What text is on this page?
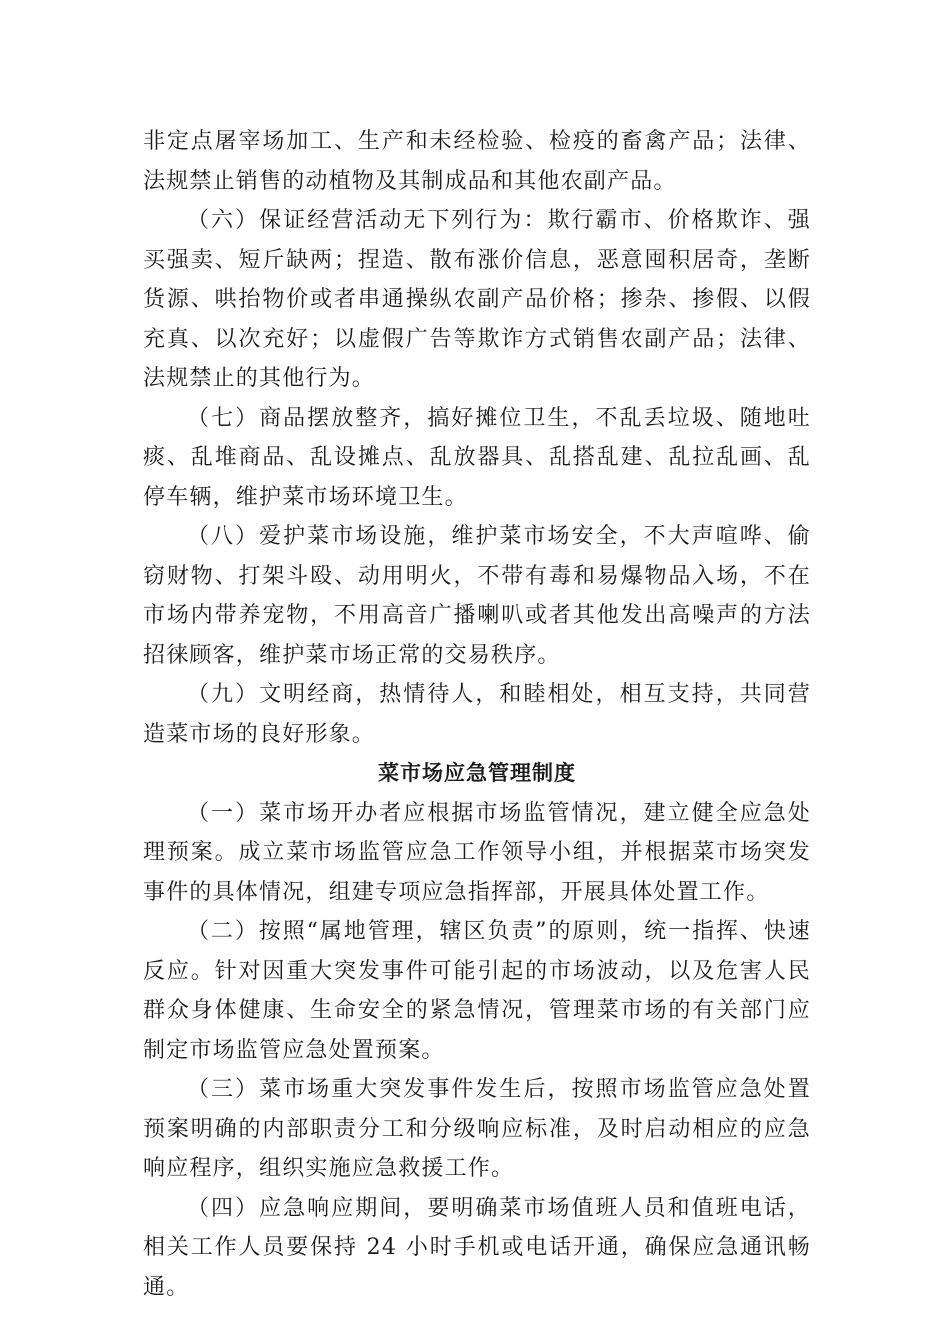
非定点屠宰场加工、生产和未经检验、检疫的畜禽产品；法律、法规禁止销售的动植物及其制成品和其他农副产品。

（六）保证经营活动无下列行为：欺行霸市、价格欺诈、强买强卖、短斤缺两；捏造、散布涨价信息，恶意囤积居奇，垄断货源、哄抬物价或者串通操纵农副产品价格；掺杂、掺假、以假充真、以次充好；以虚假广告等欺诈方式销售农副产品；法律、法规禁止的其他行为。

（七）商品摆放整齐，搞好摊位卫生，不乱丢垃圾、随地吐痰、乱堆商品、乱设摊点、乱放器具、乱搭乱建、乱拉乱画、乱停车辆，维护菜市场环境卫生。

（八）爱护菜市场设施，维护菜市场安全，不大声喧哗、偷窃财物、打架斗殴、动用明火，不带有毒和易爆物品入场，不在市场内带养宠物，不用高音广播喇叭或者其他发出高噪声的方法招徕顾客，维护菜市场正常的交易秩序。

（九）文明经商，热情待人，和睦相处，相互支持，共同营造菜市场的良好形象。

菜市场应急管理制度

（一）菜市场开办者应根据市场监管情况，建立健全应急处理预案。成立菜市场监管应急工作领导小组，并根据菜市场突发事件的具体情况，组建专项应急指挥部，开展具体处置工作。

（二）按照“属地管理，辖区负责”的原则，统一指挥、快速反应。针对因重大突发事件可能引起的市场波动，以及危害人民群众身体健康、生命安全的紧急情况，管理菜市场的有关部门应制定市场监管应急处置预案。

（三）菜市场重大突发事件发生后，按照市场监管应急处置预案明确的内部职责分工和分级响应标准，及时启动相应的应急响应程序，组织实施应急救援工作。

（四）应急响应期间，要明确菜市场值班人员和值班电话，相关工作人员要保持 24 小时手机或电话开通，确保应急通讯畅通。
